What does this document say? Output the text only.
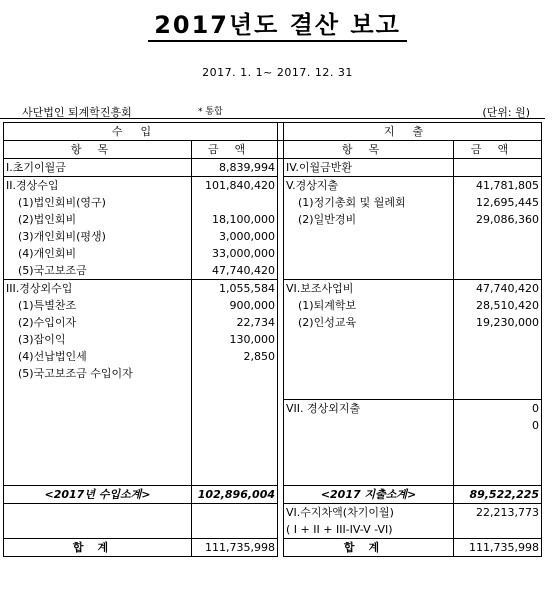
2017년도 결산 보고
2017. 1. 1~ 2017. 12. 31
사단법인 퇴계학진흥회	* 통합	(단위: 원)
수입			지출	
항목	금액		항목	금액
I.초기이월금	8,839,994		IV.이월금반환	
II.경상수입	101,840,420		V.경상지출	41,781,805
(1)법인회비(영구)			(1)정기총회 및 월례회	12,695,445
(2)법인회비	18,100,000		(2)일반경비	29,086,360
(3)개인회비(평생)	3,000,000			
(4)개인회비	33,000,000			
(5)국고보조금	47,740,420			
III.경상외수입	1,055,584		VI.보조사업비	47,740,420
(1)특별찬조	900,000		(1)퇴계학보	28,510,420
(2)수입이자	22,734		(2)인성교육	19,230,000
(3)잡이익	130,000			
(4)선납법인세	2,850			
(5)국고보조금 수입이자				

			VII. 경상외지출	0
				0

<2017년 수입소계>	102,896,004		<2017 지출소계>	89,522,225
			VI.수지차액(차기이월)	22,213,773
			( I + II + III-IV-V -VI)	
합계	111,735,998		합계	111,735,998
